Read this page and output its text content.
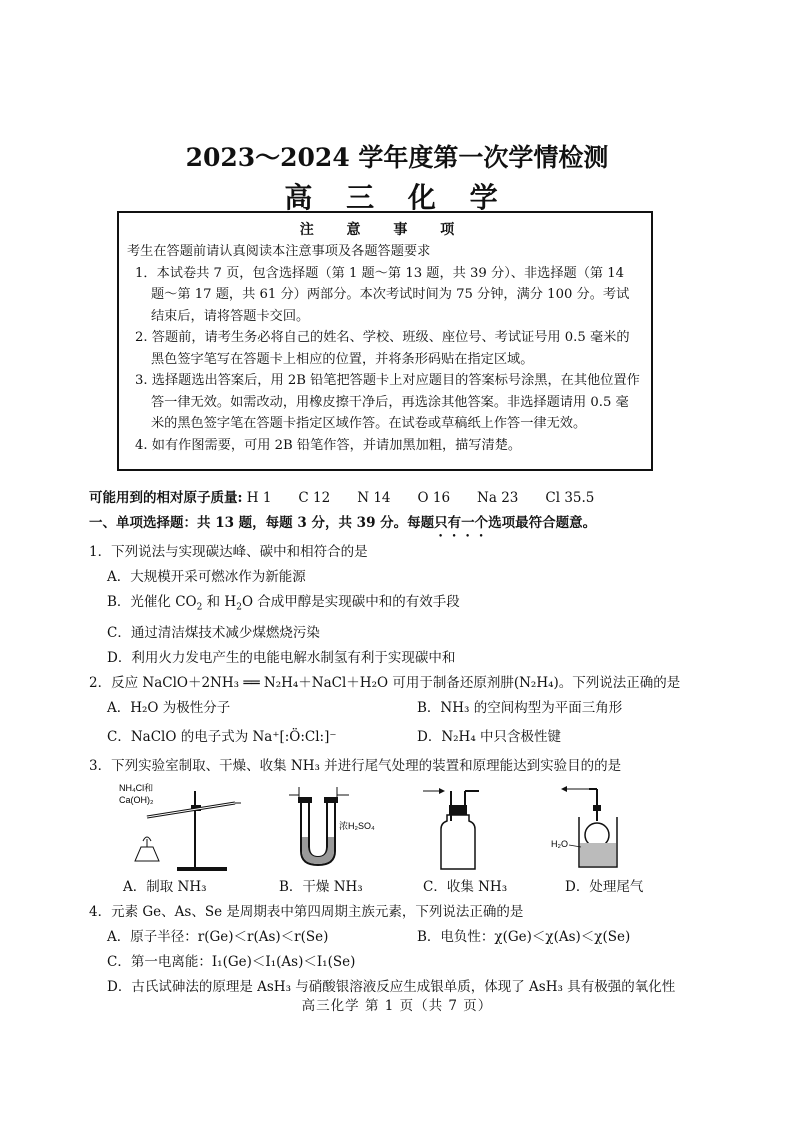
2023～2024 学年度第一次学情检测
高 三 化 学
注 意 事 项

考生在答题前请认真阅读本注意事项及各题答题要求

1．本试卷共 7 页，包含选择题（第 1 题～第 13 题，共 39 分）、非选择题（第 14 题～第 17 题，共 61 分）两部分。本次考试时间为 75 分钟，满分 100 分。考试结束后，请将答题卡交回。

2. 答题前，请考生务必将自己的姓名、学校、班级、座位号、考试证号用 0.5 毫米的黑色签字笔写在答题卡上相应的位置，并将条形码贴在指定区域。

3. 选择题选出答案后，用 2B 铅笔把答题卡上对应题目的答案标号涂黑，在其他位置作答一律无效。如需改动，用橡皮擦干净后，再选涂其他答案。非选择题请用 0.5 毫米的黑色签字笔在答题卡指定区域作答。在试卷或草稿纸上作答一律无效。

4. 如有作图需要，可用 2B 铅笔作答，并请加黑加粗，描写清楚。

可能用到的相对原子质量: H 1　　C 12　　N 14　　O 16　　Na 23　　Cl 35.5

一、单项选择题：共 13 题，每题 3 分，共 39 分。每题只有一个选项最符合题意。

1．下列说法与实现碳达峰、碳中和相符合的是

A．大规模开采可燃冰作为新能源

B．光催化 $CO_2$ 和 $H_2O$ 合成甲醇是实现碳中和的有效手段

C．通过清洁煤技术减少煤燃烧污染

D．利用火力发电产生的电能电解水制氢有利于实现碳中和

2．反应 NaClO＋2NH₃ ══ N₂H₄＋NaCl＋H₂O 可用于制备还原剂肼(N₂H₄)。下列说法正确的是

A．H₂O 为极性分子	B．NH₃ 的空间构型为平面三角形
C．NaClO 的电子式为 Na⁺[:Ö:Cl:]⁻	D．N₂H₄ 中只含极性键

3．下列实验室制取、干燥、收集 NH₃ 并进行尾气处理的装置和原理能达到实验目的的是

NH₄Cl和
Ca(OH)₂
浓H₂SO₄
H₂O
A．制取 NH₃	B．干燥 NH₃	C．收集 NH₃	D．处理尾气

4．元素 Ge、As、Se 是周期表中第四周期主族元素，下列说法正确的是

A．原子半径：r(Ge)＜r(As)＜r(Se)	B．电负性：χ(Ge)＜χ(As)＜χ(Se)

C．第一电离能：I₁(Ge)＜I₁(As)＜I₁(Se)

D．古氏试砷法的原理是 AsH₃ 与硝酸银溶液反应生成银单质，体现了 AsH₃ 具有极强的氧化性

高三化学 第 1 页（共 7 页）
